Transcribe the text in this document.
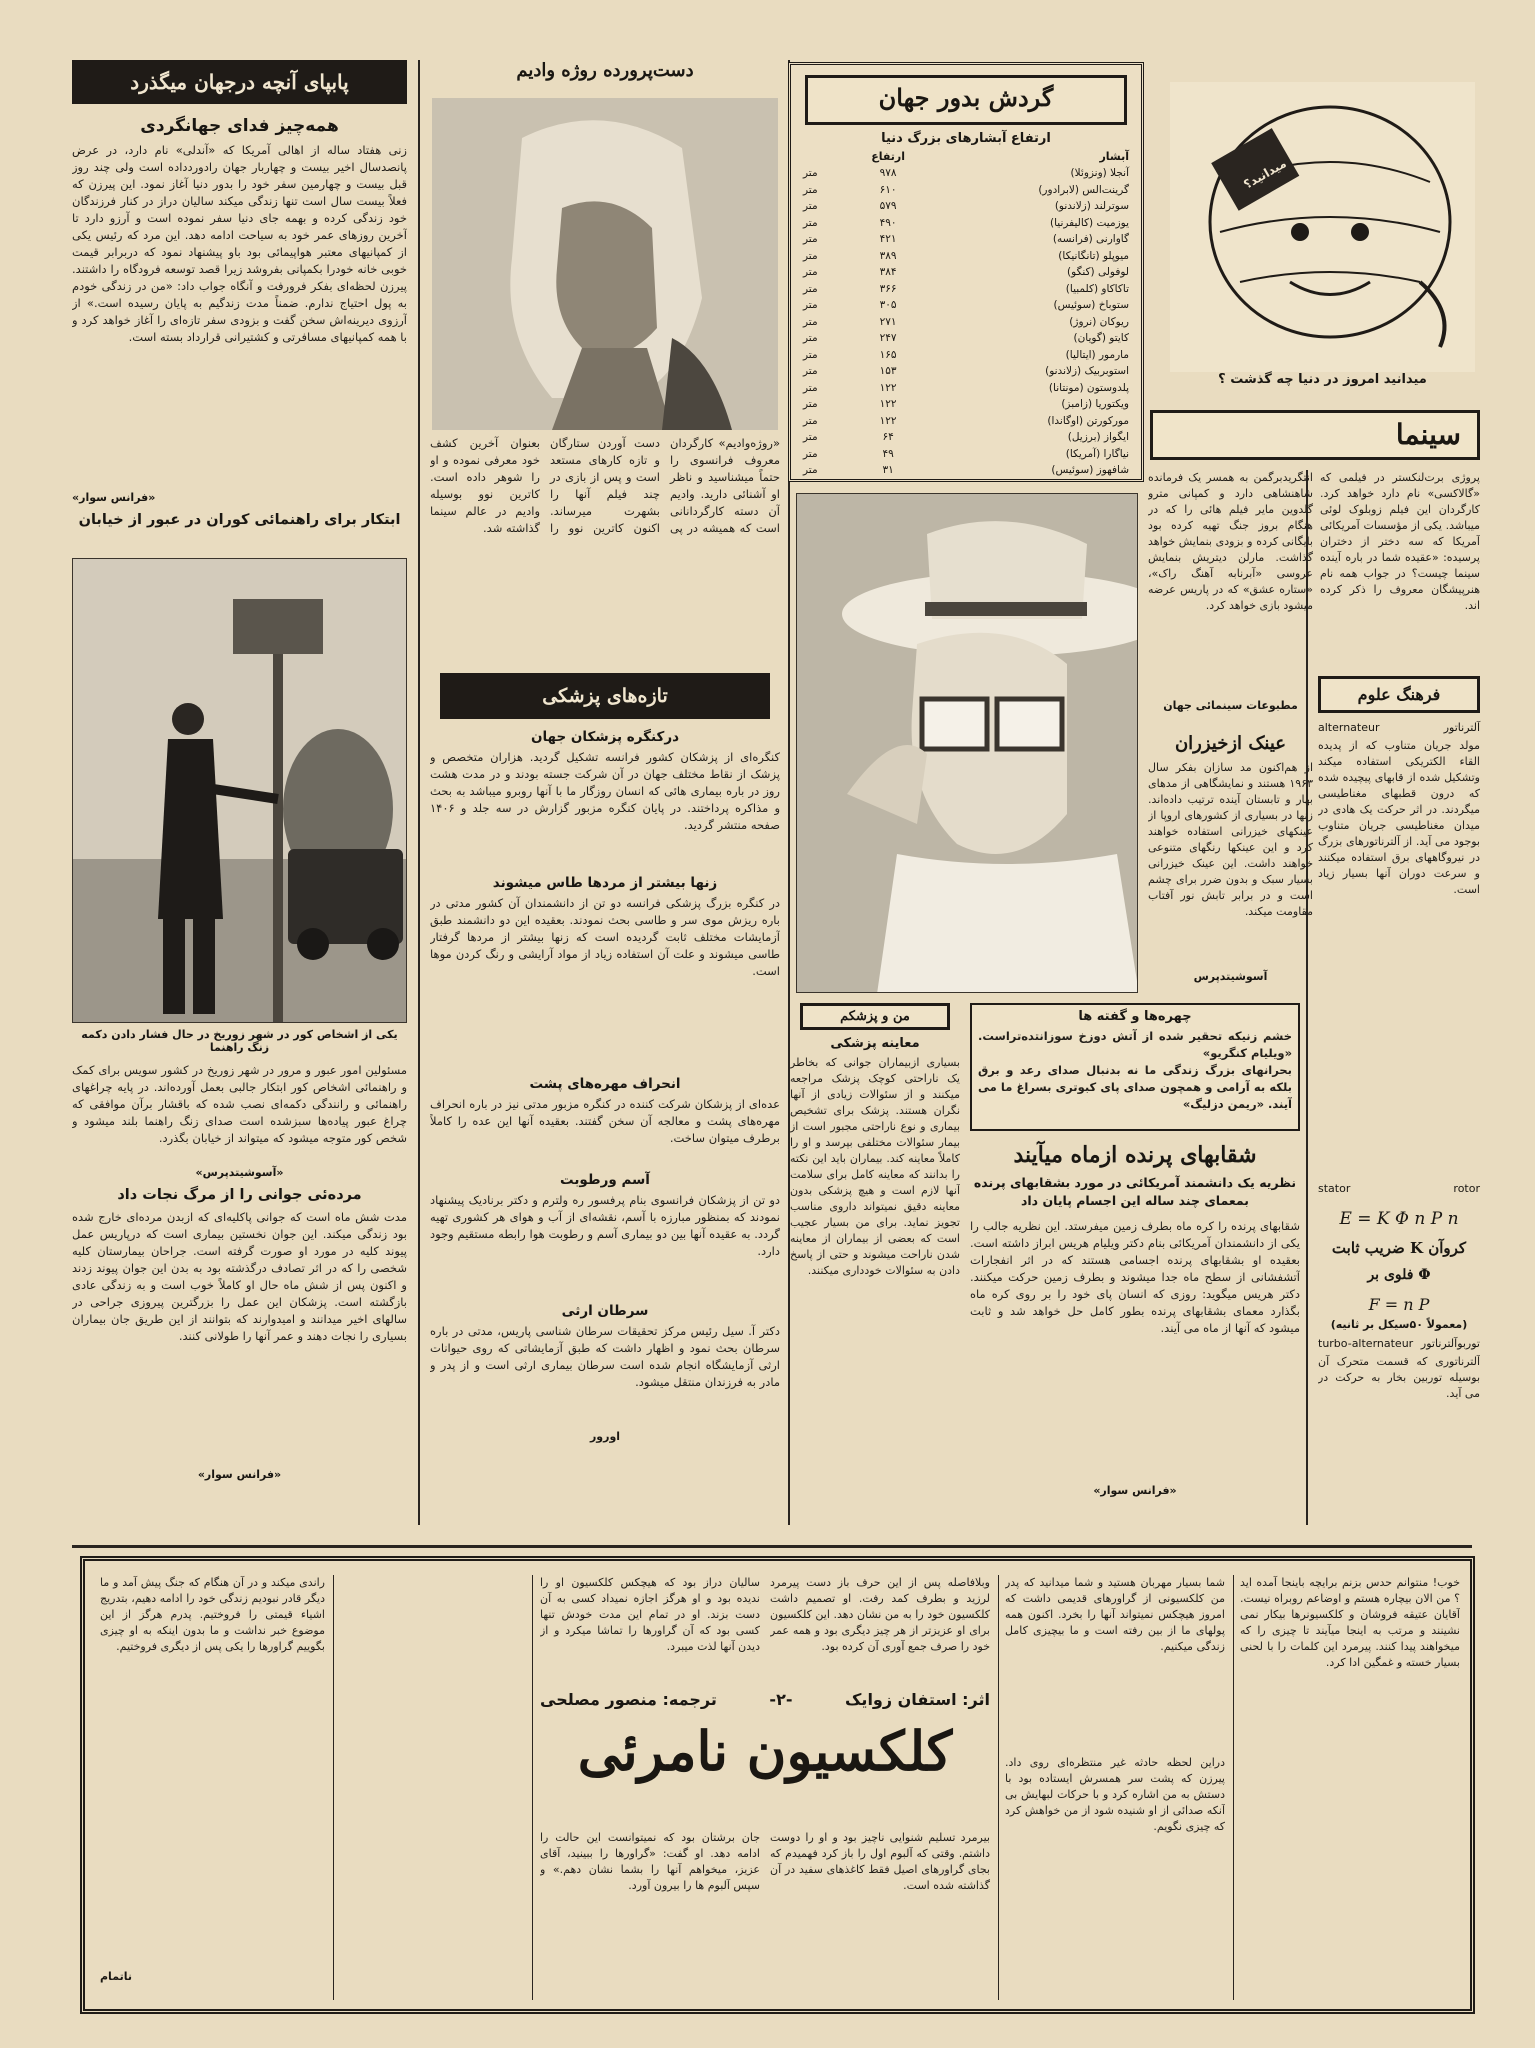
پابپای آنچه درجهان میگذرد
همه‌چیز فدای جهانگردی
زنی هفتاد ساله از اهالی آمریکا که «آندلی» نام دارد، در عرض پانصدسال اخیر بیست و چهاربار جهان رادوردداده است ولی چند روز قبل بیست و چهارمین سفر خود را بدور دنیا آغاز نمود. این پیرزن که فعلاً بیست سال است تنها زندگی میکند سالیان دراز در کنار فرزندگان خود زندگی کرده و بهمه جای دنیا سفر نموده است و آرزو دارد تا آخرین روزهای عمر خود به سیاحت ادامه دهد. این مرد که رئیس یکی از کمپانیهای معتبر هواپیمائی بود باو پیشنهاد نمود که دربرابر قیمت خوبی خانه خودرا بکمپانی بفروشد زیرا قصد توسعه فرودگاه را داشتند. پیرزن لحظه‌ای بفکر فرورفت و آنگاه جواب داد: «من در زندگی خودم به پول احتیاج ندارم. ضمناً مدت زندگیم به پایان رسیده است.» از آرزوی دیرینه‌اش سخن گفت و بزودی سفر تازه‌ای را آغاز خواهد کرد و با همه کمپانیهای مسافرتی و کشتیرانی قرارداد بسته است.
«فرانس سوار»
ابتکار برای راهنمائی کوران در عبور از خیابان
یکی از اشخاص کور در شهر زوریخ در حال فشار دادن دکمه زنگ راهنما
مسئولین امور عبور و مرور در شهر زوریخ در کشور سویس برای کمک و راهنمائی اشخاص کور ابتکار جالبی بعمل آورده‌اند. در پایه چراغهای راهنمائی و رانندگی دکمه‌ای نصب شده که باقشار برآن موافقی که چراغ عبور پیاده‌ها سبزشده است صدای زنگ راهنما بلند میشود و شخص کور متوجه میشود که میتواند از خیابان بگذرد.
«آسوشیتدپرس»
مرده‌ئی جوانی را از مرگ نجات داد
مدت شش ماه است که جوانی پاکلیه‌ای که ازبدن مرده‌ای خارج شده بود زندگی میکند. این جوان نخستین بیماری است که درپاریس عمل پیوند کلیه در مورد او صورت گرفته است. جراحان بیمارستان کلیه شخصی را که در اثر تصادف درگذشته بود به بدن این جوان پیوند زدند و اکنون پس از شش ماه حال او کاملاً خوب است و به زندگی عادی بازگشته است. پزشکان این عمل را بزرگترین پیروزی جراحی در سالهای اخیر میدانند و امیدوارند که بتوانند از این طریق جان بیماران بسیاری را نجات دهند و عمر آنها را طولانی کنند.
«فرانس سوار»
دست‌پرورده روژه وادیم
«روژه‌وادیم» کارگردان معروف فرانسوی را حتماً میشناسید و ناظر او آشنائی دارید. وادیم آن دسته کارگردانانی است که همیشه در پی دست آوردن ستارگان و تازه کارهای مستعد است و پس از بازی در چند فیلم آنها را بشهرت میرساند. اکنون کاترین نوو را بعنوان آخرین کشف خود معرفی نموده و او را شوهر داده است. کاترین نوو بوسیله وادیم در عالم سینما گذاشته شد.
تازه‌های پزشکی
درکنگره پزشکان جهان
کنگره‌ای از پزشکان کشور فرانسه تشکیل گردید. هزاران متخصص و پزشک از نقاط مختلف جهان در آن شرکت جسته بودند و در مدت هشت روز در باره بیماری هائی که انسان روزگار ما با آنها روبرو میباشد به بحث و مذاکره پرداختند. در پایان کنگره مزبور گزارش در سه جلد و ۱۴۰۶ صفحه منتشر گردید.
زنها بیشتر از مردها طاس میشوند
در کنگره بزرگ پزشکی فرانسه دو تن از دانشمندان آن کشور مدتی در باره ریزش موی سر و طاسی بحث نمودند. بعقیده این دو دانشمند طبق آزمایشات مختلف ثابت گردیده است که زنها بیشتر از مردها گرفتار طاسی میشوند و علت آن استفاده زیاد از مواد آرایشی و رنگ کردن موها است.
انحراف مهره‌های پشت
عده‌ای از پزشکان شرکت کننده در کنگره مزبور مدتی نیز در باره انحراف مهره‌های پشت و معالجه آن سخن گفتند. بعقیده آنها این عده را کاملاً برطرف میتوان ساخت.
آسم ورطوبت
دو تن از پزشکان فرانسوی بنام پرفسور ره ولترم و دکتر برنادیک پیشنهاد نمودند که بمنظور مبارزه با آسم، نقشه‌ای از آب و هوای هر کشوری تهیه گردد. به عقیده آنها بین دو بیماری آسم و رطوبت هوا رابطه مستقیم وجود دارد.
سرطان ارثی
دکتر آ. سیل رئیس مرکز تحقیقات سرطان شناسی پاریس، مدتی در باره سرطان بحث نمود و اظهار داشت که طبق آزمایشاتی که روی حیوانات ارثی آزمایشگاه انجام شده است سرطان بیماری ارثی است و از پدر و مادر به فرزندان منتقل میشود.
اورور
گردش بدور جهان
ارتفاع آبشارهای بزرگ دنیا
آبشار	ارتفاع	
آنجلا (ونزوئلا)	۹۷۸	متر
گرینت‌الس (لابرادور)	۶۱۰	متر
سوترلند (زلاندنو)	۵۷۹	متر
یوزمیت (کالیفرنیا)	۴۹۰	متر
گاوارنی (فرانسه)	۴۲۱	متر
میوپلو (تانگانیکا)	۳۸۹	متر
لوفولی (کنگو)	۳۸۴	متر
تاکاکاو (کلمبیا)	۳۶۶	متر
ستوباخ (سوئیس)	۳۰۵	متر
ریوکان (نروژ)	۲۷۱	متر
کایتو (گویان)	۲۴۷	متر
مارمور (ایتالیا)	۱۶۵	متر
استوبربیک (زلاندنو)	۱۵۳	متر
پلدوستون (مونتانا)	۱۲۲	متر
ویکتوریا (زامبز)	۱۲۲	متر
مورکورتن (اوگاندا)	۱۲۲	متر
ایگواز (برزیل)	۶۴	متر
نیاگارا (آمریکا)	۴۹	متر
شافهوز (سوئیس)	۳۱	متر
من و پزشکم
معاینه پزشکی
بسیاری ازبیماران جوانی که بخاطر یک ناراحتی کوچک پزشک مراجعه میکنند و از سئوالات زیادی از آنها نگران هستند. پزشک برای تشخیص بیماری و نوع ناراحتی مجبور است از بیمار سئوالات مختلفی بپرسد و او را کاملاً معاینه کند. بیماران باید این نکته را بدانند که معاینه کامل برای سلامت آنها لازم است و هیچ پزشکی بدون معاینه دقیق نمیتواند داروی مناسب تجویز نماید. برای من بسیار عجیب است که بعضی از بیماران از معاینه شدن ناراحت میشوند و حتی از پاسخ دادن به سئوالات خودداری میکنند.
چهره‌ها و گفته ها
خشم زنیکه تحقیر شده از آتش دوزخ سوزانتده‌تراست. «ویلیام کنگریو»
بحرانهای بزرگ زندگی ما نه بدنبال صدای رعد و برق بلکه به آرامی و همچون صدای پای کبوتری بسراغ ما می آیند. «ریمن دزلیگ»
شقابهای پرنده ازماه میآیند
نظریه یک دانشمند آمریکائی در مورد بشقابهای پرنده بمعمای چند ساله این اجسام پایان داد
شقابهای پرنده را کره ماه بطرف زمین میفرستد. این نظریه جالب را یکی از دانشمندان آمریکائی بنام دکتر ویلیام هریس ابراز داشته است. بعقیده او بشقابهای پرنده اجسامی هستند که در اثر انفجارات آتشفشانی از سطح ماه جدا میشوند و بطرف زمین حرکت میکنند. دکتر هریس میگوید: روزی که انسان پای خود را بر روی کره ماه بگذارد معمای بشقابهای پرنده بطور کامل حل خواهد شد و ثابت میشود که آنها از ماه می آیند.
«فرانس سوار»
میدانید؟
میدانید امروز در دنیا چه گذشت ؟
سینما
پروژی برت‌لنکستر در فیلمی که «گالاکسی» نام دارد خواهد کرد. کارگردان این فیلم زوبلوک لوئی میباشد. یکی از مؤسسات آمریکائی آمریکا که سه دختر از دختران پرسیده: «عقیده شما در باره آینده سینما چیست؟ در جواب همه نام هنرپیشگان معروف را ذکر کرده اند.
انتگریدبرگمن به همسر یک فرمانده شاهنشاهی دارد و کمپانی مترو گلدوین مایر فیلم هائی را که در هنگام بروز جنگ تهیه کرده بود بایگانی کرده و بزودی بنمایش خواهد گذاشت. مارلن دیتریش بنمایش عروسی «آبرنابه آهنگ راک»، «ستاره عشق» که در پاریس عرضه میشود بازی خواهد کرد.
مطبوعات سینمائی جهان
عینک ازخیزران
از هم‌اکنون مد سازان بفکر سال ۱۹۶۳ هستند و نمایشگاهی از مدهای بهار و تابستان آینده ترتیب داده‌اند. زنها در بسیاری از کشورهای اروپا از عینکهای خیزرانی استفاده خواهند کرد و این عینکها رنگهای متنوعی خواهند داشت. این عینک خیزرانی بسیار سبک و بدون ضرر برای چشم است و در برابر تابش نور آفتاب مقاومت میکند.
آسوشیتدپرس
فرهنگ علوم
آلترناتور
alternateur
مولد جریان متناوب که از پدیده القاء الکتریکی استفاده میکند وتشکیل شده از قابهای پیچیده شده که درون قطبهای مغناطیسی میگردند. در اثر حرکت یک هادی در میدان مغناطیسی جریان متناوب بوجود می آید. از آلترناتورهای بزرگ در نیروگاههای برق استفاده میکنند و سرعت دوران آنها بسیار زیاد است.
stator	rotor
E = K Φ n P n
کروآن K ضریب ثابت
Φ فلوی بر
F = n P
(معمولاً ۵۰سیکل بر ثانیه)
توربوآلترناتور
turbo-alternateur
آلترناتوری که قسمت متحرک آن بوسیله توربین بخار به حرکت در می آید.
خوب! منتوانم حدس بزنم برایچه باینجا آمده اید ؟ من الان بیچاره هستم و اوضاعم روبراه نیست. آقایان عتیقه فروشان و کلکسیونرها بیکار نمی نشینند و مرتب به اینجا میآیند تا چیزی را که میخواهند پیدا کنند. پیرمرد این کلمات را با لحنی بسیار خسته و غمگین ادا کرد.
شما بسیار مهربان هستید و شما میدانید که پدر من کلکسیونی از گراورهای قدیمی داشت که امروز هیچکس نمیتواند آنها را بخرد. اکنون همه پولهای ما از بین رفته است و ما بیچیزی کامل زندگی میکنیم.
وبلافاصله پس از این حرف باز دست پیرمرد لرزید و بطرف کمد رفت. او تصمیم داشت کلکسیون خود را به من نشان دهد. این کلکسیون برای او عزیزتر از هر چیز دیگری بود و همه عمر خود را صرف جمع آوری آن کرده بود.
سالیان دراز بود که هیچکس کلکسیون او را ندیده بود و او هرگز اجازه نمیداد کسی به آن دست بزند. او در تمام این مدت خودش تنها کسی بود که آن گراورها را تماشا میکرد و از دیدن آنها لذت میبرد.
راندی میکند و در آن هنگام که جنگ پیش آمد و ما دیگر قادر نبودیم زندگی خود را ادامه دهیم، بتدریج اشیاء قیمتی را فروختیم. پدرم هرگز از این موضوع خبر نداشت و ما بدون اینکه به او چیزی بگوییم گراورها را یکی پس از دیگری فروختیم.
ناتمام
اثر: استفان زوایک
-۲-
ترجمه: منصور مصلحی
کلکسیون نامرئی	دراین لحظه حادثه غیر منتظره‌ای روی داد. پیرزن که پشت سر همسرش ایستاده بود با دستش به من اشاره کرد و با حرکات لبهایش بی آنکه صدائی از او شنیده شود از من خواهش کرد که چیزی نگویم.
جان برشتان بود که نمیتوانست این حالت را ادامه دهد. او گفت: «گراورها را ببینید، آقای عزیز، میخواهم آنها را بشما نشان دهم.» و سپس آلبوم ها را بیرون آورد.
بیرمرد تسلیم شنوایی ناچیز بود و او را دوست داشتم. وقتی که آلبوم اول را باز کرد فهمیدم که بجای گراورهای اصیل فقط کاغذهای سفید در آن گذاشته شده است.
